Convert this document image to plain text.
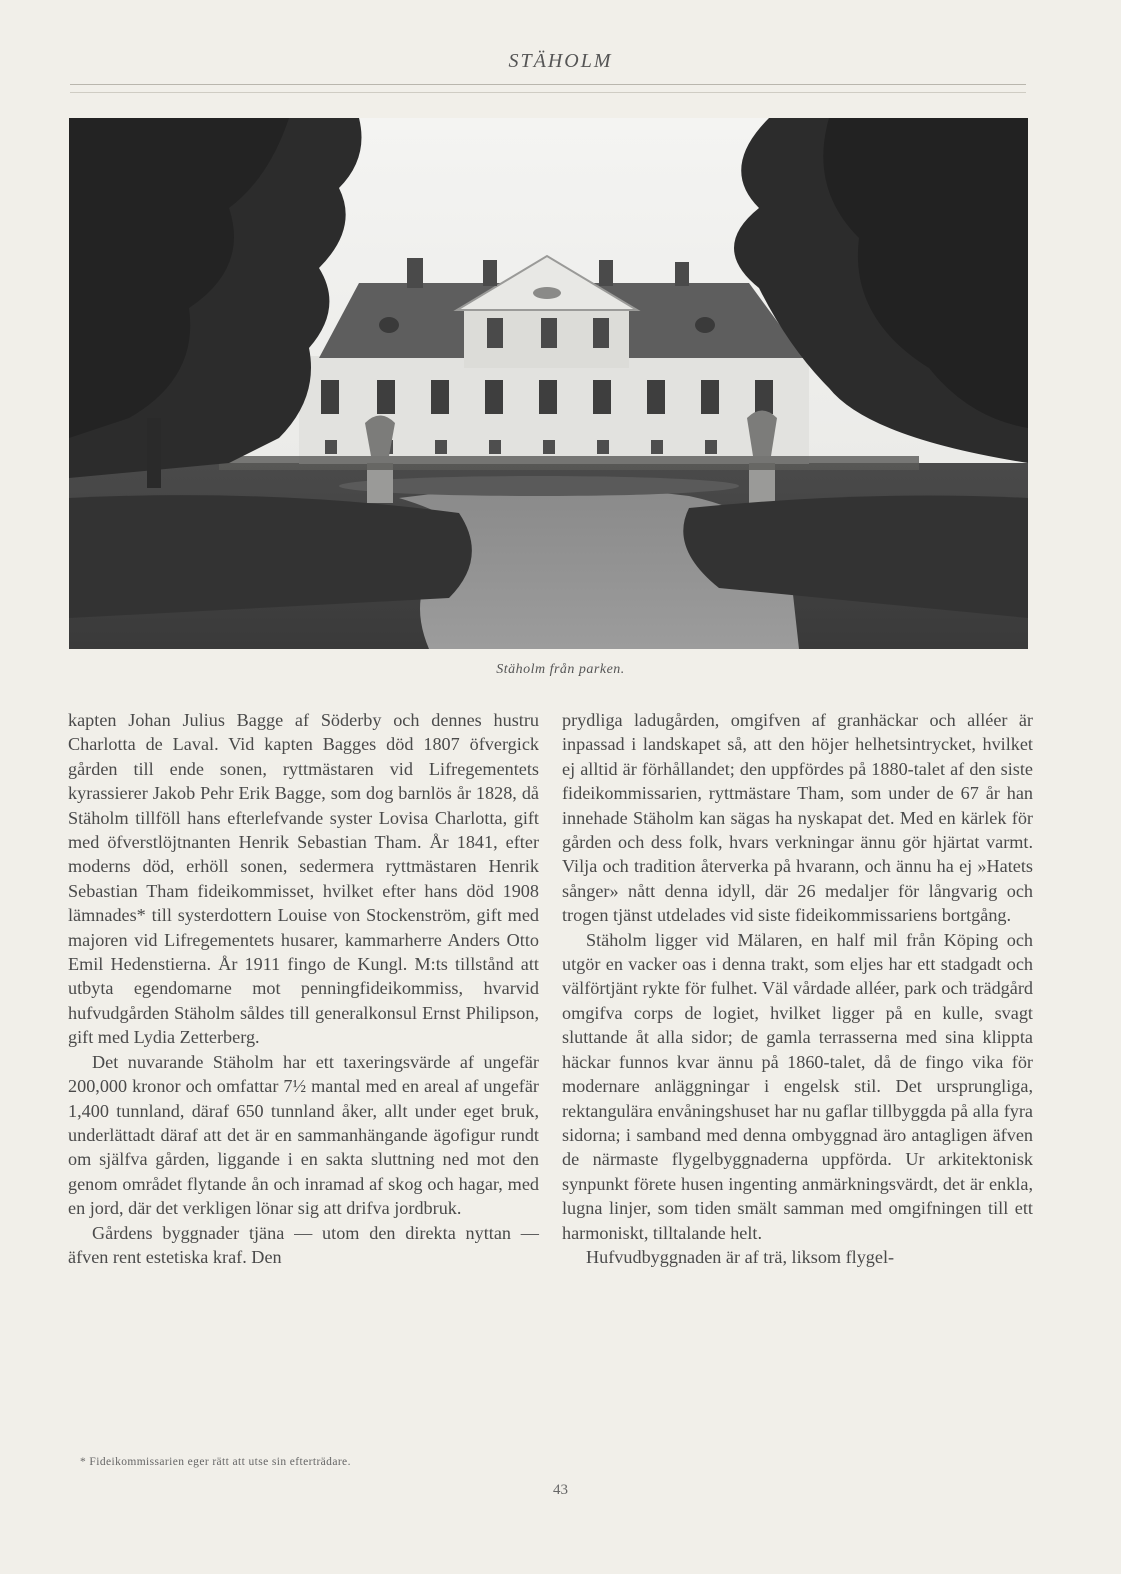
STÄHOLM
Stäholm från parken.

kapten Johan Julius Bagge af Söderby och dennes hustru Charlotta de Laval. Vid kapten Bagges död 1807 öfvergick gården till ende sonen, ryttmästaren vid Lifregementets kyrassierer Jakob Pehr Erik Bagge, som dog barnlös år 1828, då Stäholm tillföll hans efterlefvande syster Lovisa Charlotta, gift med öfverstlöjtnanten Henrik Sebastian Tham. År 1841, efter moderns död, erhöll sonen, sedermera ryttmästaren Henrik Sebastian Tham fideikommisset, hvilket efter hans död 1908 lämnades* till systerdottern Louise von Stockenström, gift med majoren vid Lifregementets husarer, kammarherre Anders Otto Emil Hedenstierna. År 1911 fingo de Kungl. M:ts tillstånd att utbyta egendomarne mot penningfideikommiss, hvarvid hufvudgården Stäholm såldes till generalkonsul Ernst Philipson, gift med Lydia Zetterberg.

Det nuvarande Stäholm har ett taxeringsvärde af ungefär 200,000 kronor och omfattar 7½ mantal med en areal af ungefär 1,400 tunnland, däraf 650 tunnland åker, allt under eget bruk, underlättadt däraf att det är en sammanhängande ägofigur rundt om själfva gården, liggande i en sakta sluttning ned mot den genom området flytande ån och inramad af skog och hagar, med en jord, där det verkligen lönar sig att drifva jordbruk.

Gårdens byggnader tjäna — utom den direkta nyttan — äfven rent estetiska kraf. Den

prydliga ladugården, omgifven af granhäckar och alléer är inpassad i landskapet så, att den höjer helhetsintrycket, hvilket ej alltid är förhållandet; den uppfördes på 1880-talet af den siste fideikommissarien, ryttmästare Tham, som under de 67 år han innehade Stäholm kan sägas ha nyskapat det. Med en kärlek för gården och dess folk, hvars verkningar ännu gör hjärtat varmt. Vilja och tradition återverka på hvarann, och ännu ha ej »Hatets sånger» nått denna idyll, där 26 medaljer för långvarig och trogen tjänst utdelades vid siste fideikommissariens bortgång.

Stäholm ligger vid Mälaren, en half mil från Köping och utgör en vacker oas i denna trakt, som eljes har ett stadgadt och välförtjänt rykte för fulhet. Väl vårdade alléer, park och trädgård omgifva corps de logiet, hvilket ligger på en kulle, svagt sluttande åt alla sidor; de gamla terrasserna med sina klippta häckar funnos kvar ännu på 1860-talet, då de fingo vika för modernare anläggningar i engelsk stil. Det ursprungliga, rektangulära envåningshuset har nu gaflar tillbyggda på alla fyra sidorna; i samband med denna ombyggnad äro antagligen äfven de närmaste flygelbyggnaderna uppförda. Ur arkitektonisk synpunkt förete husen ingenting anmärkningsvärdt, det är enkla, lugna linjer, som tiden smält samman med omgifningen till ett harmoniskt, tilltalande helt.

Hufvudbyggnaden är af trä, liksom flygel-

* Fideikommissarien eger rätt att utse sin efterträdare.
43
